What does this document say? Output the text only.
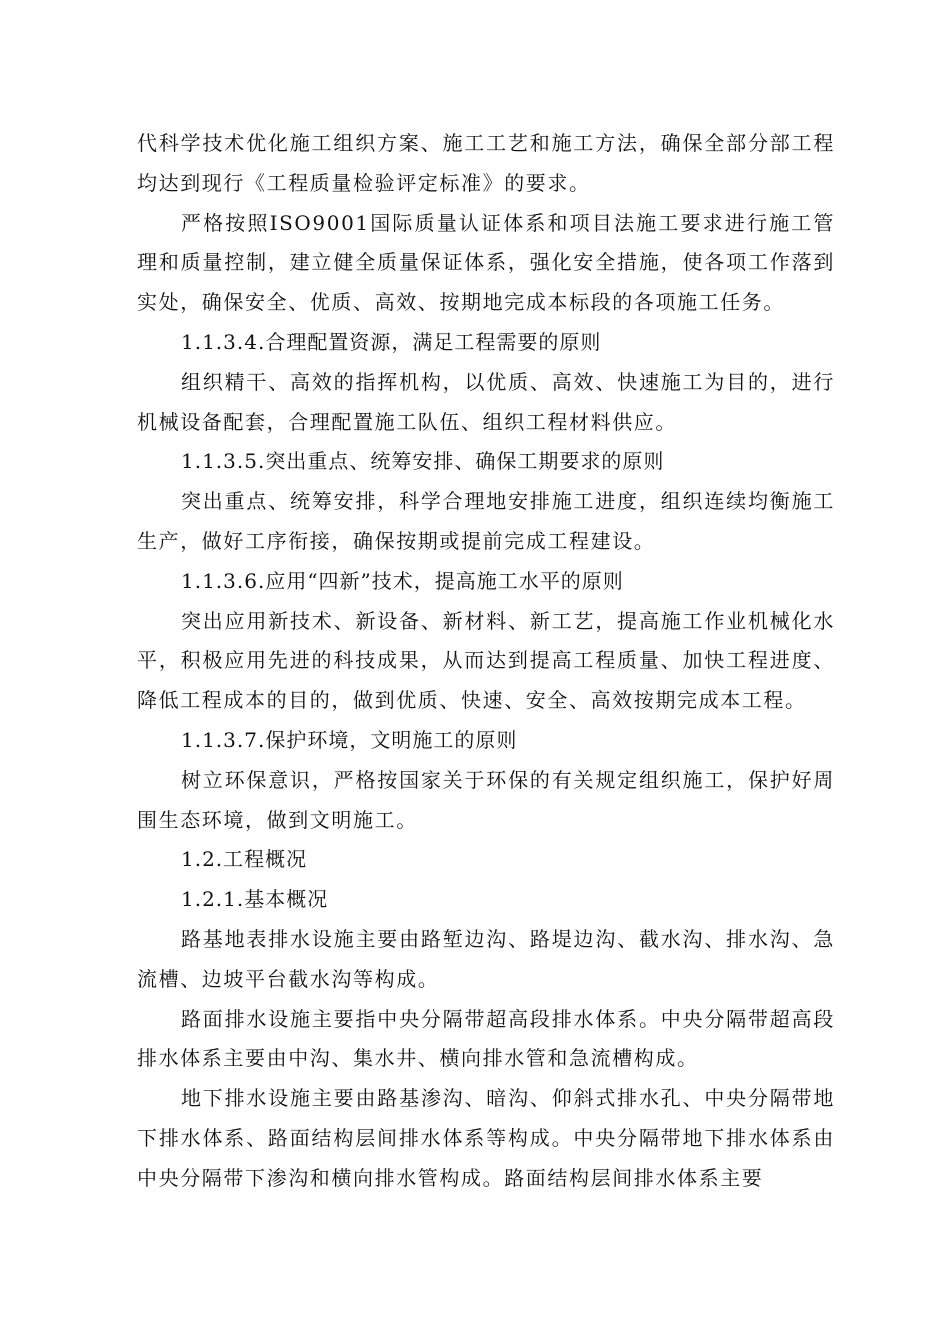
代科学技术优化施工组织方案、施工工艺和施工方法，确保全部分部工程均达到现行《工程质量检验评定标准》的要求。

严格按照ISO9001国际质量认证体系和项目法施工要求进行施工管理和质量控制，建立健全质量保证体系，强化安全措施，使各项工作落到实处，确保安全、优质、高效、按期地完成本标段的各项施工任务。

1.1.3.4.合理配置资源，满足工程需要的原则

组织精干、高效的指挥机构，以优质、高效、快速施工为目的，进行机械设备配套，合理配置施工队伍、组织工程材料供应。

1.1.3.5.突出重点、统筹安排、确保工期要求的原则

突出重点、统筹安排，科学合理地安排施工进度，组织连续均衡施工生产，做好工序衔接，确保按期或提前完成工程建设。

1.1.3.6.应用“四新”技术，提高施工水平的原则

突出应用新技术、新设备、新材料、新工艺，提高施工作业机械化水平，积极应用先进的科技成果，从而达到提高工程质量、加快工程进度、降低工程成本的目的，做到优质、快速、安全、高效按期完成本工程。

1.1.3.7.保护环境，文明施工的原则

树立环保意识，严格按国家关于环保的有关规定组织施工，保护好周围生态环境，做到文明施工。

1.2.工程概况

1.2.1.基本概况

路基地表排水设施主要由路堑边沟、路堤边沟、截水沟、排水沟、急流槽、边坡平台截水沟等构成。

路面排水设施主要指中央分隔带超高段排水体系。中央分隔带超高段排水体系主要由中沟、集水井、横向排水管和急流槽构成。

地下排水设施主要由路基渗沟、暗沟、仰斜式排水孔、中央分隔带地下排水体系、路面结构层间排水体系等构成。中央分隔带地下排水体系由中央分隔带下渗沟和横向排水管构成。路面结构层间排水体系主要
